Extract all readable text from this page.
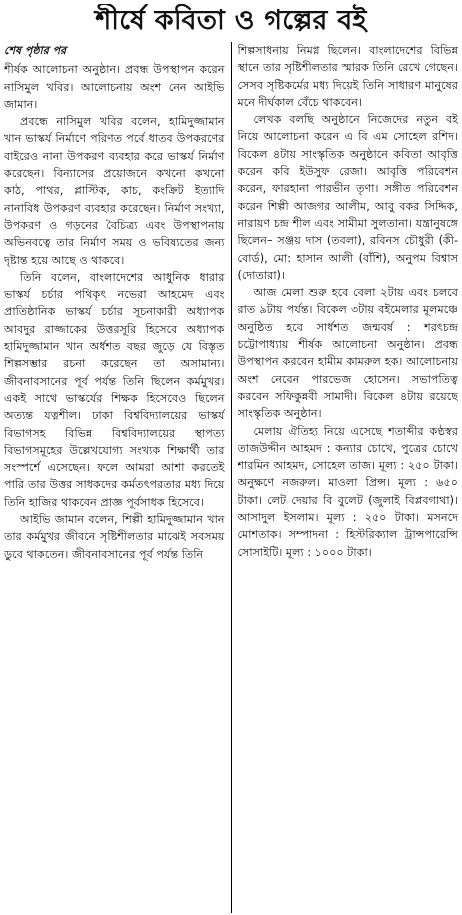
শীর্ষে কবিতা ও গল্পের বই
শেষ পৃষ্ঠার পর

শীর্ষক আলোচনা অনুষ্ঠান। প্রবন্ধ উপস্থাপন করেন নাসিমুল খবির। আলোচনায় অংশ নেন আইভি জামান।

প্রবন্ধে নাসিমুল খবির বলেন, হামিদুজ্জামান খান ভাস্কর্য নির্মাণে পরিণত পর্বে ধাতব উপকরণের বাইরেও নানা উপকরণ ব্যবহার করে ভাস্কর্য নির্মাণ করেছেন। বিন্যাসের প্রয়োজনে কখনো কখনো কাঠ, পাথর, প্লাস্টিক, কাচ, কংক্রিট ইত্যাদি নানাবিধ উপকরণ ব্যবহার করেছেন। নির্মাণ সংখ্যা, উপকরণ ও গড়নের বৈচিত্র্য এবং উপস্থাপনায় অভিনবত্বে তার নির্মাণ সময় ও ভবিষ্যতের জন্য দৃষ্টান্ত হয়ে আছে ও থাকবে।

তিনি বলেন, বাংলাদেশের আধুনিক ধারার ভাস্কর্য চর্চার পথিকৃৎ নভেরা আহমেদ এবং প্রাতিষ্ঠানিক ভাস্কর্য চর্চার সূচনাকারী অধ্যাপক আবদুর রাজ্জাকের উত্তরসূরি হিসেবে অধ্যাপক হামিদুজ্জামান খান অর্ধশত বছর জুড়ে যে বিস্তৃত শিল্পসম্ভার রচনা করেছেন তা অসামান্য। জীবনাবসানের পূর্ব পর্যন্ত তিনি ছিলেন কর্মমুখর। একই সাথে ভাস্কর্যের শিক্ষক হিসেবেও ছিলেন অত্যন্ত যত্নশীল। ঢাকা বিশ্ববিদ্যালয়ের ভাস্কর্য বিভাগসহ বিভিন্ন বিশ্ববিদ্যালয়ের স্থাপত্য বিভাগসমূহের উল্লেখযোগ্য সংখ্যক শিক্ষার্থী তার সংস্পর্শে এসেছেন। ফলে আমরা আশা করতেই পারি তার উত্তর সাধকদের কর্মতৎপরতার মধ্য দিয়ে তিনি হাজির থাকবেন প্রাজ্ঞ পূর্বসাধক হিসেবে।

আইভি জামান বলেন, শিল্পী হামিদুজ্জামান খান তার কর্মমুখর জীবনে সৃষ্টিশীলতার মাঝেই সবসময় ডুবে থাকতেন। জীবনাবসানের পূর্ব পর্যন্ত তিনি

শিল্পসাধনায় নিমগ্ন ছিলেন। বাংলাদেশের বিভিন্ন স্থানে তার সৃষ্টিশীলতার স্মারক তিনি রেখে গেছেন। সেসব সৃষ্টিকর্মের মধ্য দিয়েই তিনি সাধারণ মানুষের মনে দীর্ঘকাল বেঁচে থাকবেন।

লেখক বলছি অনুষ্ঠানে নিজেদের নতুন বই নিয়ে আলোচনা করেন এ বি এম সোহেল রশিদ। বিকেল ৪টায় সাংস্কৃতিক অনুষ্ঠানে কবিতা আবৃত্তি করেন কবি ইউসুফ রেজা। আবৃত্তি পরিবেশন করেন, ফারহানা পারভীন তৃণা। সঙ্গীত পরিবেশন করেন শিল্পী আজগর আলীম, আবু বকর সিদ্দিক, নারায়ণ চন্দ্র শীল এবং সামীমা সুলতানা। যন্ত্রানুষঙ্গে ছিলেন– সঞ্জয় দাস (তবলা), রবিনস চৌধুরী (কী-বোর্ড), মো: হাসান আলী (বাঁশি), অনুপম বিশ্বাস (দোতারা)।

আজ মেলা শুরু হবে বেলা ২টায় এবং চলবে রাত ৯টায় পর্যন্ত। বিকেল ৩টায় বইমেলার মূলমঞ্চে অনুষ্ঠিত হবে সার্ধশত জন্মবর্ষ : শরৎচন্দ্র চট্টোপাধ্যায় শীর্ষক আলোচনা অনুষ্ঠান। প্রবন্ধ উপস্থাপন করবেন হামীম কামরুল হক। আলোচনায় অংশ নেবেন পারভেজ হোসেন। সভাপতিত্ব করবেন সফিকুন্নবী সামাদী। বিকেল ৪টায় রয়েছে সাংস্কৃতিক অনুষ্ঠান।

মেলায় ঐতিহ্য নিয়ে এসেছে শতাব্দীর কণ্ঠস্বর তাজউদ্দীন আহমদ : কন্যার চোখে, পুত্রের চোখে শারমিন আহমদ, সোহেল তাজ। মূল্য : ২৫০ টাকা। অনুক্ষণে নজরুল। মাওলা প্রিন্স। মূল্য : ৬৫০ টাকা। লেট দেয়ার বি বুলেট (জুলাই বিপ্লবগাথা)। আসাদুল ইসলাম। মূল্য : ২৫০ টাকা। মসনদে মোশতাক। সম্পাদনা : হিস্টরিক্যাল ট্রান্সপারেন্সি সোসাইটি। মূল্য : ১০০০ টাকা।
